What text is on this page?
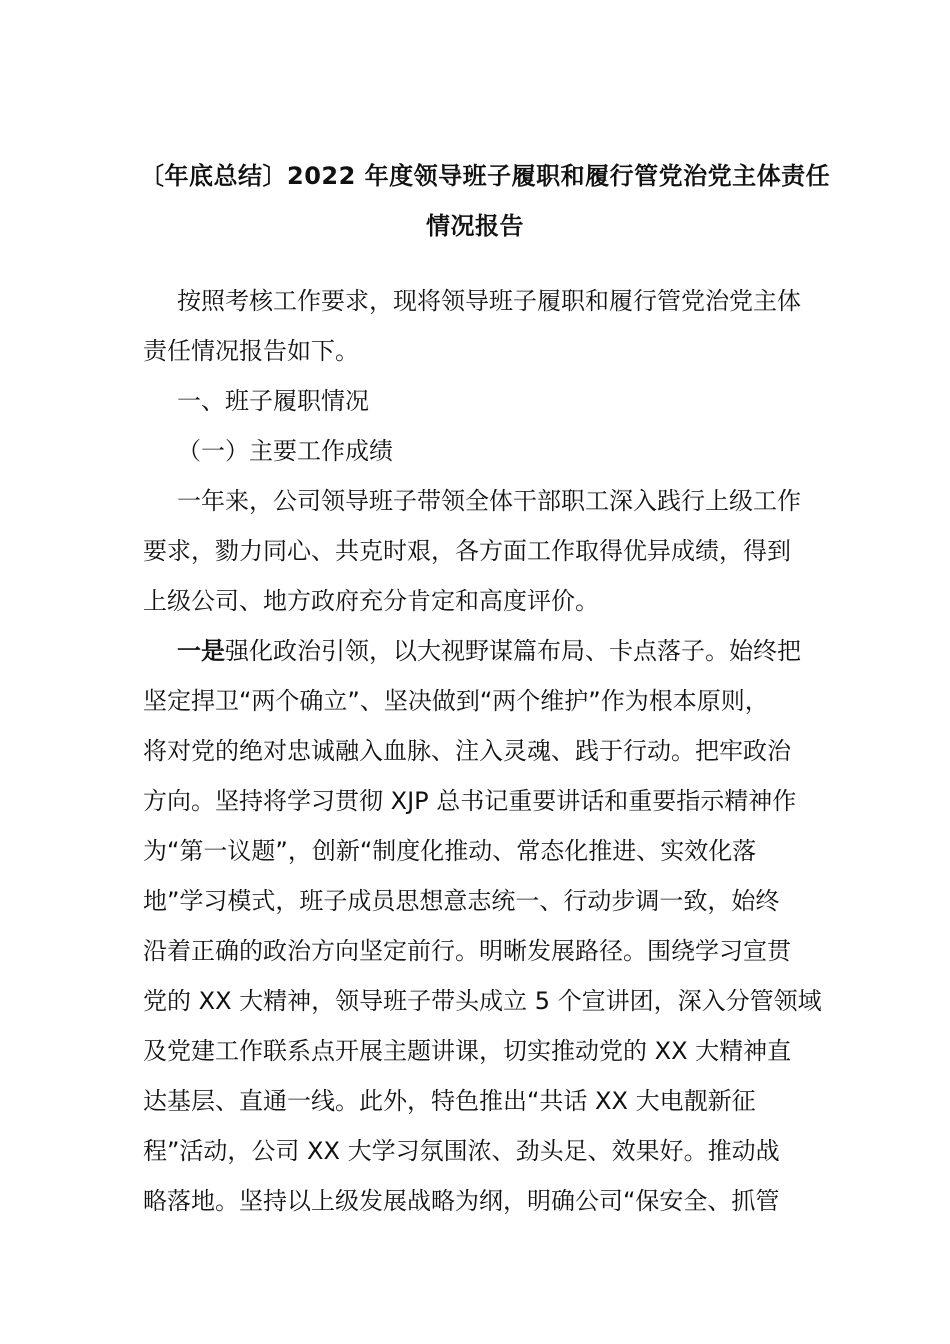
〔年底总结〕2022 年度领导班子履职和履行管党治党主体责任
情况报告
按照考核工作要求，现将领导班子履职和履行管党治党主体
责任情况报告如下。
一、班子履职情况
（一）主要工作成绩
一年来，公司领导班子带领全体干部职工深入践行上级工作
要求，勠力同心、共克时艰，各方面工作取得优异成绩，得到
上级公司、地方政府充分肯定和高度评价。
一是强化政治引领，以大视野谋篇布局、卡点落子。始终把
坚定捍卫“两个确立”、坚决做到“两个维护”作为根本原则，
将对党的绝对忠诚融入血脉、注入灵魂、践于行动。把牢政治
方向。坚持将学习贯彻 XJP 总书记重要讲话和重要指示精神作
为“第一议题”，创新“制度化推动、常态化推进、实效化落
地”学习模式，班子成员思想意志统一、行动步调一致，始终
沿着正确的政治方向坚定前行。明晰发展路径。围绕学习宣贯
党的 XX 大精神，领导班子带头成立 5 个宣讲团，深入分管领域
及党建工作联系点开展主题讲课，切实推动党的 XX 大精神直
达基层、直通一线。此外，特色推出“共话 XX 大电靓新征
程”活动，公司 XX 大学习氛围浓、劲头足、效果好。推动战
略落地。坚持以上级发展战略为纲，明确公司“保安全、抓管
